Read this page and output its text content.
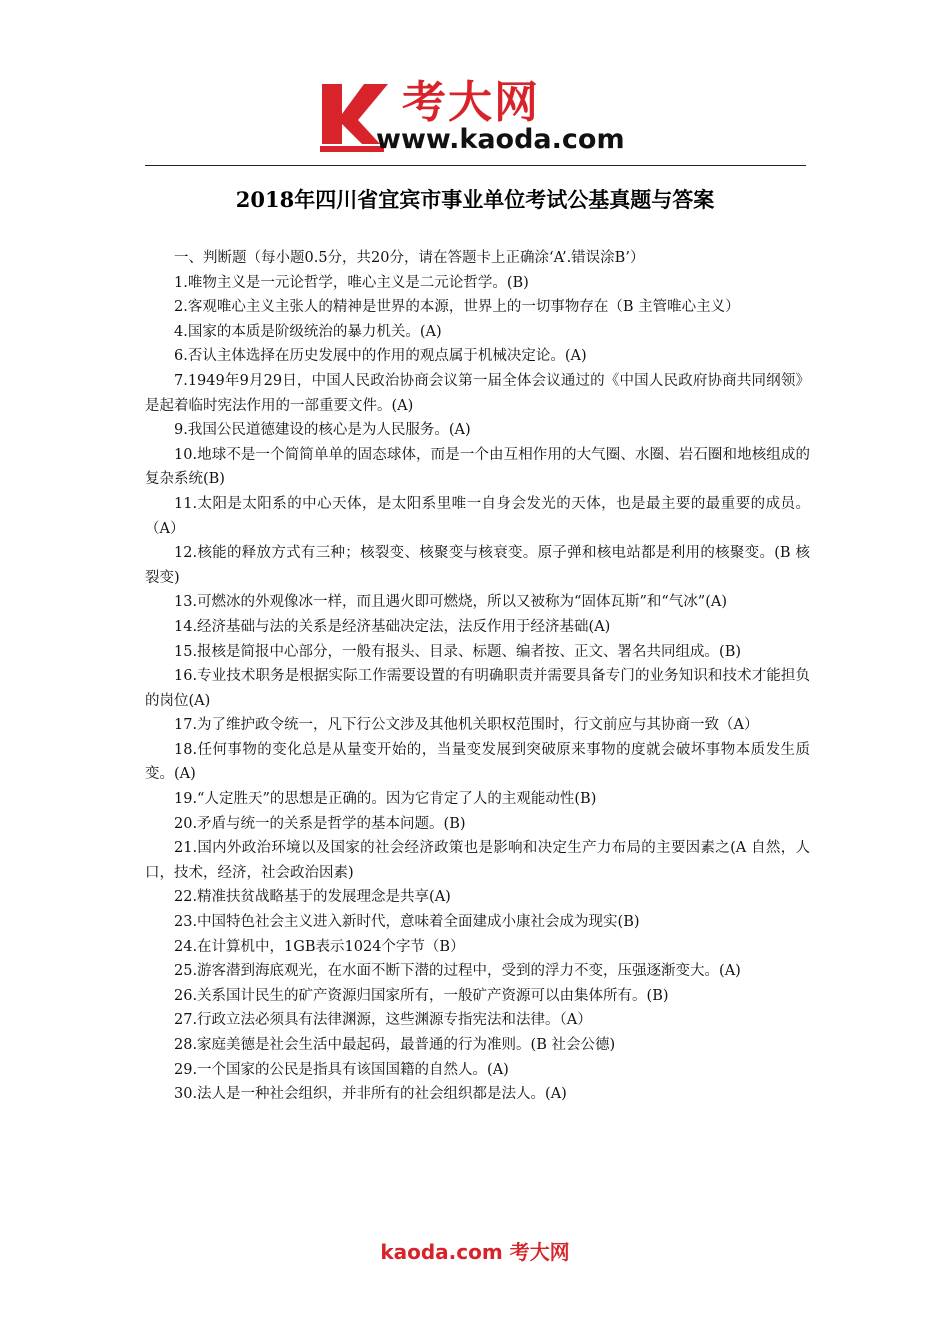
考大网
www.kaoda.com
2018年四川省宜宾市事业单位考试公基真题与答案

一、判断题（每小题0.5分，共20分，请在答题卡上正确涂‘A’.错误涂B’）

1.唯物主义是一元论哲学，唯心主义是二元论哲学。(B)

2.客观唯心主义主张人的精神是世界的本源，世界上的一切事物存在（B 主管唯心主义）

4.国家的本质是阶级统治的暴力机关。(A)

6.否认主体选择在历史发展中的作用的观点属于机械决定论。(A)

7.1949年9月29日，中国人民政治协商会议第一届全体会议通过的《中国人民政府协商共同纲领》是起着临时宪法作用的一部重要文件。(A)

9.我国公民道德建设的核心是为人民服务。(A)

10.地球不是一个简简单单的固态球体，而是一个由互相作用的大气圈、水圈、岩石圈和地核组成的复杂系统(B)

11.太阳是太阳系的中心天体，是太阳系里唯一自身会发光的天体，也是最主要的最重要的成员。（A）

12.核能的释放方式有三种；核裂变、核聚变与核衰变。原子弹和核电站都是利用的核聚变。(B 核裂变)

13.可燃冰的外观像冰一样，而且遇火即可燃烧，所以又被称为“固体瓦斯”和“气冰”(A)

14.经济基础与法的关系是经济基础决定法，法反作用于经济基础(A)

15.报核是简报中心部分，一般有报头、目录、标题、编者按、正文、署名共同组成。(B)

16.专业技术职务是根据实际工作需要设置的有明确职责并需要具备专门的业务知识和技术才能担负的岗位(A)

17.为了维护政令统一，凡下行公文涉及其他机关职权范围时，行文前应与其协商一致（A）

18.任何事物的变化总是从量变开始的，当量变发展到突破原来事物的度就会破坏事物本质发生质变。(A)

19.“人定胜天”的思想是正确的。因为它肯定了人的主观能动性(B)

20.矛盾与统一的关系是哲学的基本问题。(B)

21.国内外政治环境以及国家的社会经济政策也是影响和决定生产力布局的主要因素之(A 自然，人口，技术，经济，社会政治因素)

22.精准扶贫战略基于的发展理念是共享(A)

23.中国特色社会主义进入新时代，意味着全面建成小康社会成为现实(B)

24.在计算机中，1GB表示1024个字节（B）

25.游客潜到海底观光，在水面不断下潜的过程中，受到的浮力不变，压强逐渐变大。(A)

26.关系国计民生的矿产资源归国家所有，一般矿产资源可以由集体所有。(B)

27.行政立法必须具有法律渊源，这些渊源专指宪法和法律。（A）

28.家庭美德是社会生活中最起码，最普通的行为准则。(B 社会公德)

29.一个国家的公民是指具有该国国籍的自然人。(A)

30.法人是一种社会组织，并非所有的社会组织都是法人。(A)

kaoda.com 考大网
